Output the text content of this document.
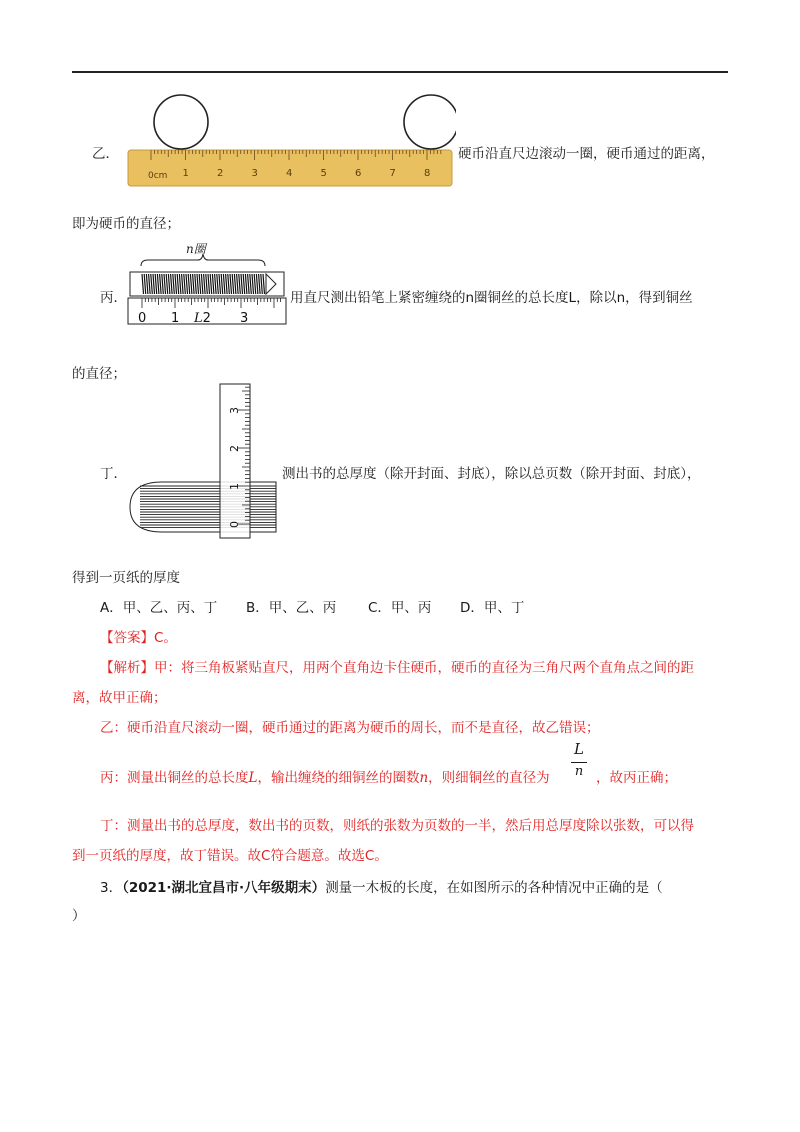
乙．
0cm 1	2	3	4	5	6	7	8
硬币沿直尺边滚动一圈，硬币通过的距离，
即为硬币的直径；
丙．
n圈
0 1 L2 3
用直尺测出铅笔上紧密缠绕的n圈铜丝的总长度L，除以n，得到铜丝
的直径；
丁．
3
2
1
0
测出书的总厚度（除开封面、封底），除以总页数（除开封面、封底），
得到一页纸的厚度
A．甲、乙、丙、丁 B．甲、乙、丙 C．甲、丙 D．甲、丁
【答案】C。
【解析】甲：将三角板紧贴直尺，用两个直角边卡住硬币，硬币的直径为三角尺两个直角点之间的距
离，故甲正确；
乙：硬币沿直尺滚动一圈，硬币通过的距离为硬币的周长，而不是直径，故乙错误；
丙：测量出铜丝的总长度L，输出缠绕的细铜丝的圈数n，则细铜丝的直径为
L
n ，故丙正确；
丁：测量出书的总厚度，数出书的页数，则纸的张数为页数的一半，然后用总厚度除以张数，可以得
到一页纸的厚度，故丁错误。故C符合题意。故选C。
3．（2021·湖北宜昌市·八年级期末）测量一木板的长度，在如图所示的各种情况中正确的是（
）
